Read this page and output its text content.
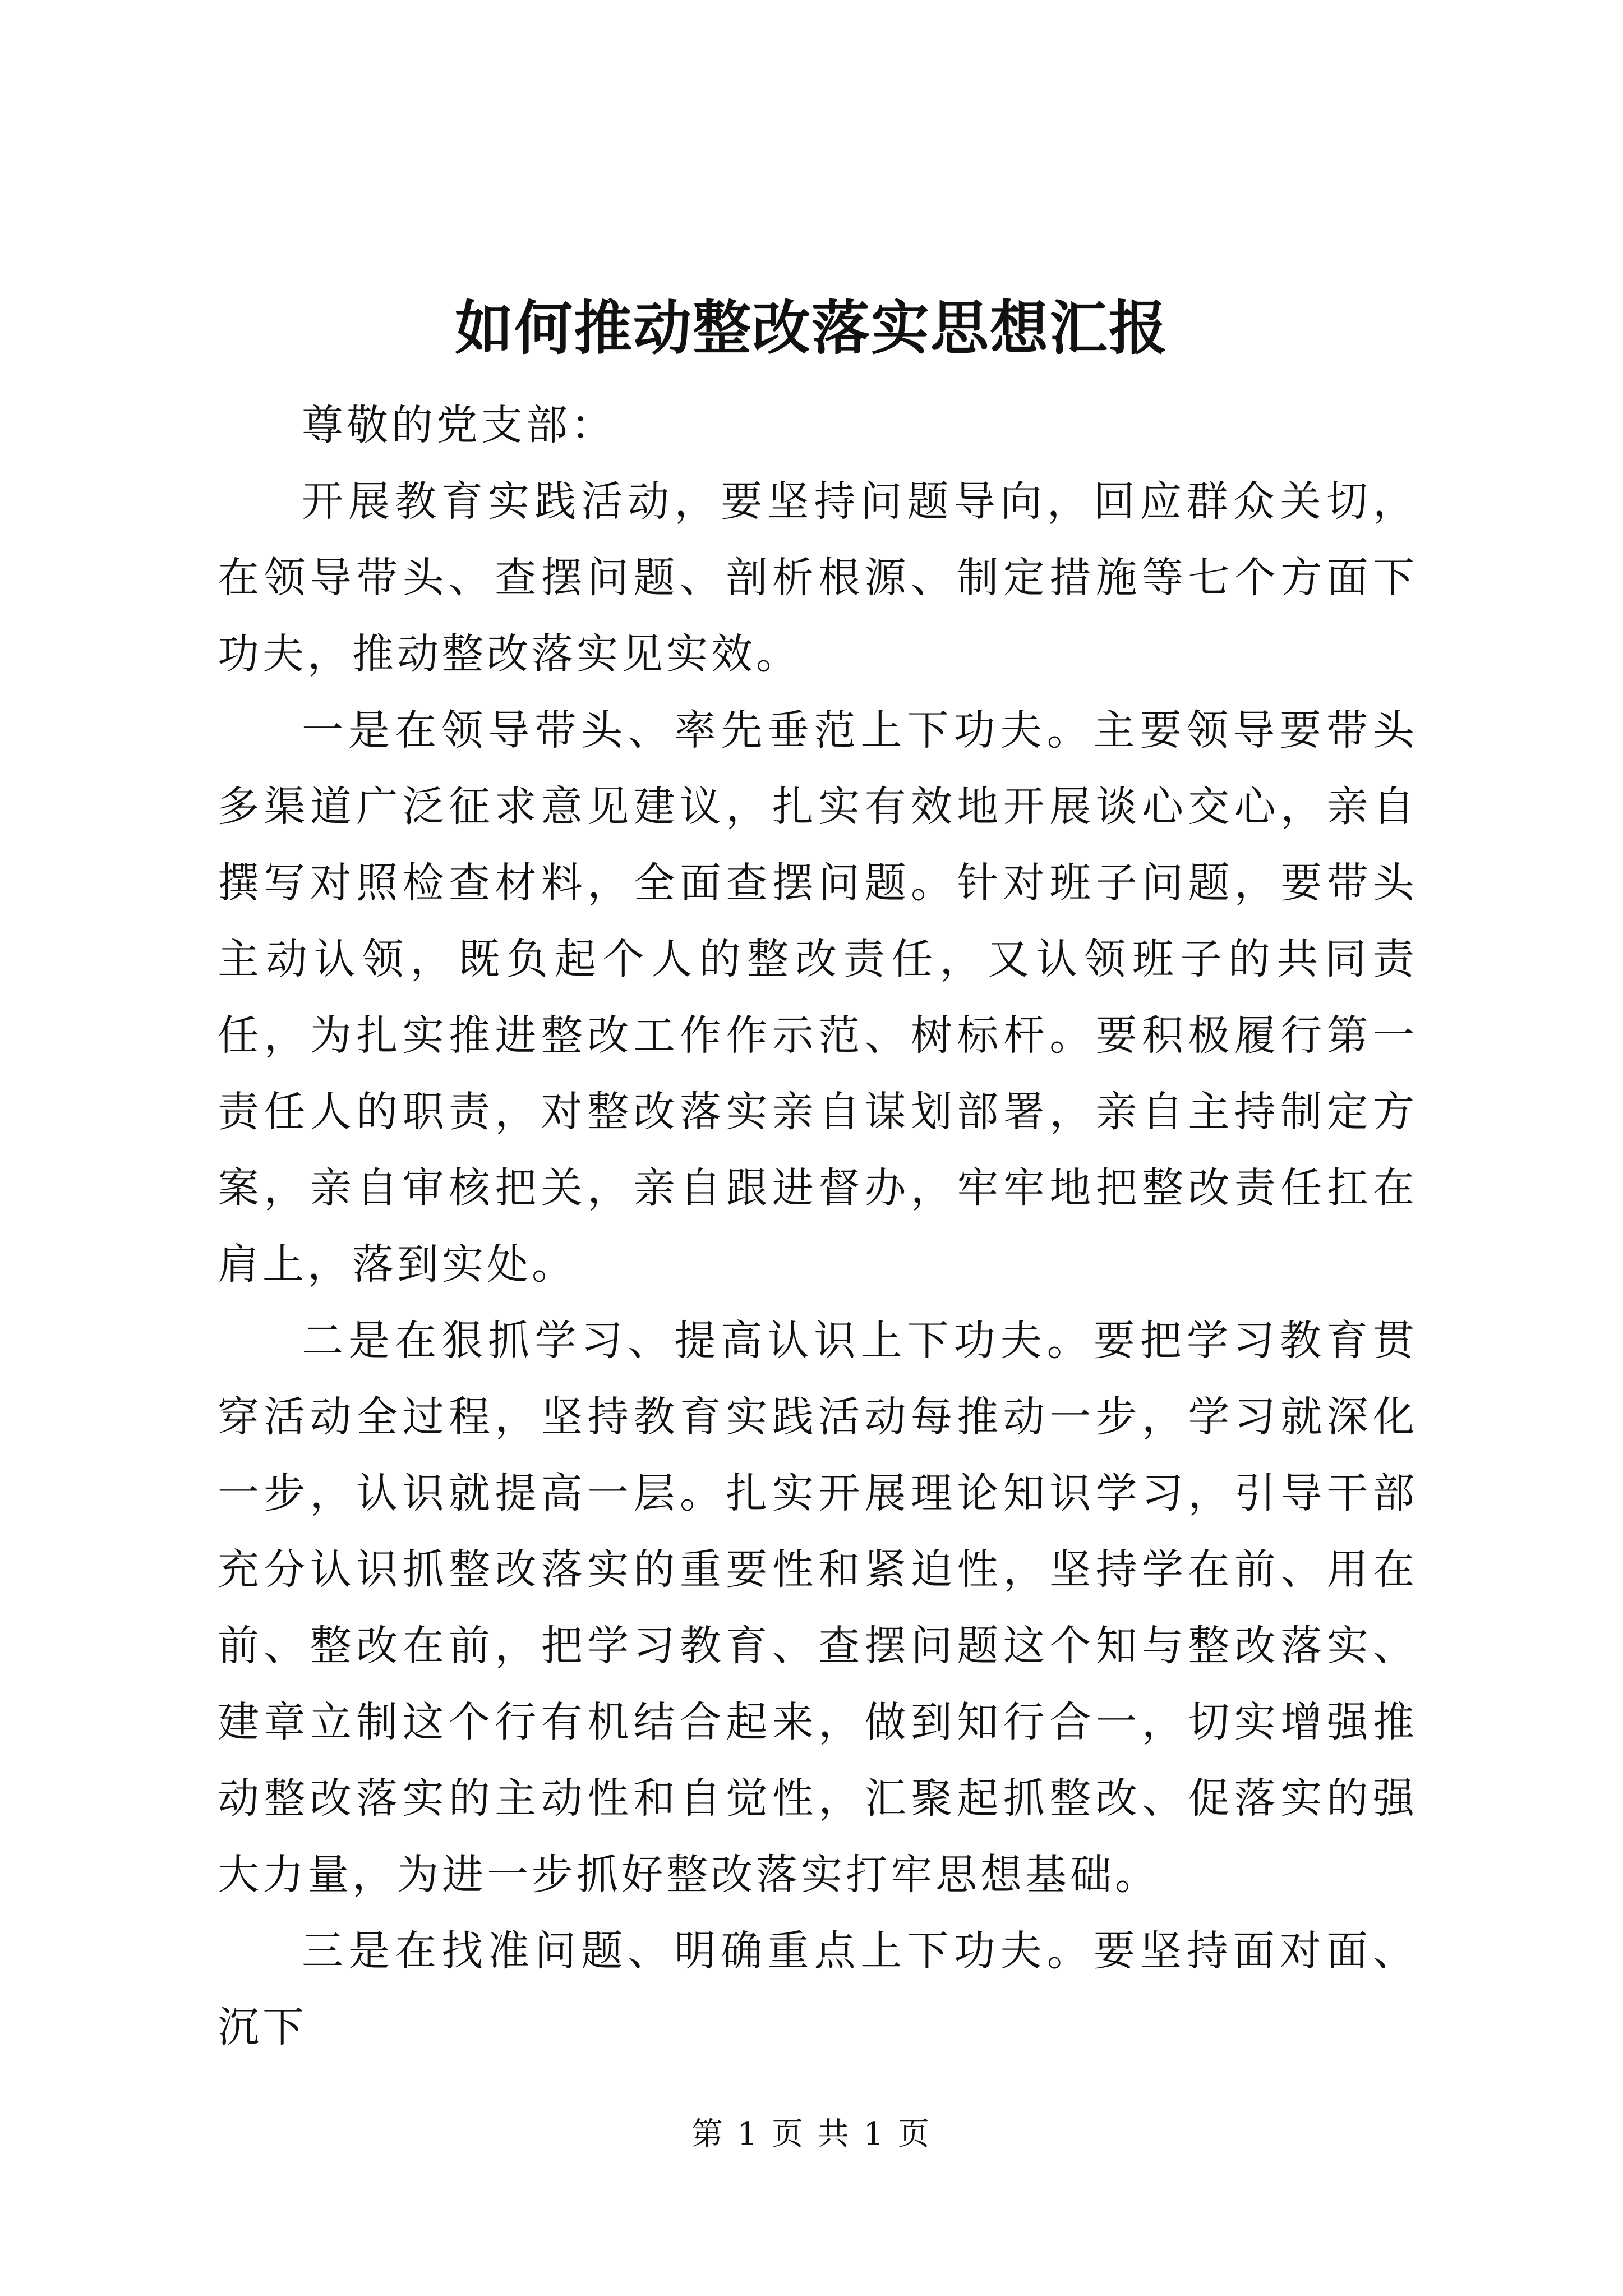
如何推动整改落实思想汇报

尊敬的党支部：

开展教育实践活动，要坚持问题导向，回应群众关切，在领导带头、查摆问题、剖析根源、制定措施等七个方面下功夫，推动整改落实见实效。

一是在领导带头、率先垂范上下功夫。主要领导要带头多渠道广泛征求意见建议，扎实有效地开展谈心交心，亲自撰写对照检查材料，全面查摆问题。针对班子问题，要带头主动认领，既负起个人的整改责任，又认领班子的共同责任，为扎实推进整改工作作示范、树标杆。要积极履行第一责任人的职责，对整改落实亲自谋划部署，亲自主持制定方案，亲自审核把关，亲自跟进督办，牢牢地把整改责任扛在肩上，落到实处。

二是在狠抓学习、提高认识上下功夫。要把学习教育贯穿活动全过程，坚持教育实践活动每推动一步，学习就深化一步，认识就提高一层。扎实开展理论知识学习，引导干部充分认识抓整改落实的重要性和紧迫性，坚持学在前、用在前、整改在前，把学习教育、查摆问题这个知与整改落实、建章立制这个行有机结合起来，做到知行合一，切实增强推动整改落实的主动性和自觉性，汇聚起抓整改、促落实的强大力量，为进一步抓好整改落实打牢思想基础。

三是在找准问题、明确重点上下功夫。要坚持面对面、沉下

第 1 页 共 1 页
